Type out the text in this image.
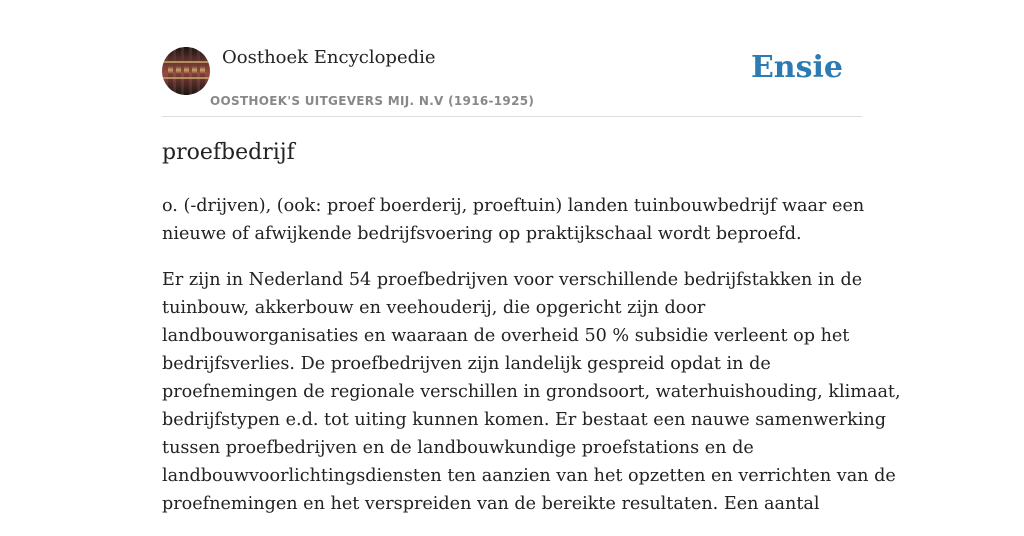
Oosthoek Encyclopedie
OOSTHOEK'S UITGEVERS MIJ. N.V (1916-1925)
Ensie
proefbedrijf

o. (-drijven), (ook: proef boerderij, proeftuin) landen tuinbouwbedrijf waar een
nieuwe of afwijkende bedrijfsvoering op praktijkschaal wordt beproefd.

Er zijn in Nederland 54 proefbedrijven voor verschillende bedrijfstakken in de
tuinbouw, akkerbouw en veehouderij, die opgericht zijn door
landbouworganisaties en waaraan de overheid 50 % subsidie verleent op het
bedrijfsverlies. De proefbedrijven zijn landelijk gespreid opdat in de
proefnemingen de regionale verschillen in grondsoort, waterhuishouding, klimaat,
bedrijfstypen e.d. tot uiting kunnen komen. Er bestaat een nauwe samenwerking
tussen proefbedrijven en de landbouwkundige proefstations en de
landbouwvoorlichtingsdiensten ten aanzien van het opzetten en verrichten van de
proefnemingen en het verspreiden van de bereikte resultaten. Een aantal
